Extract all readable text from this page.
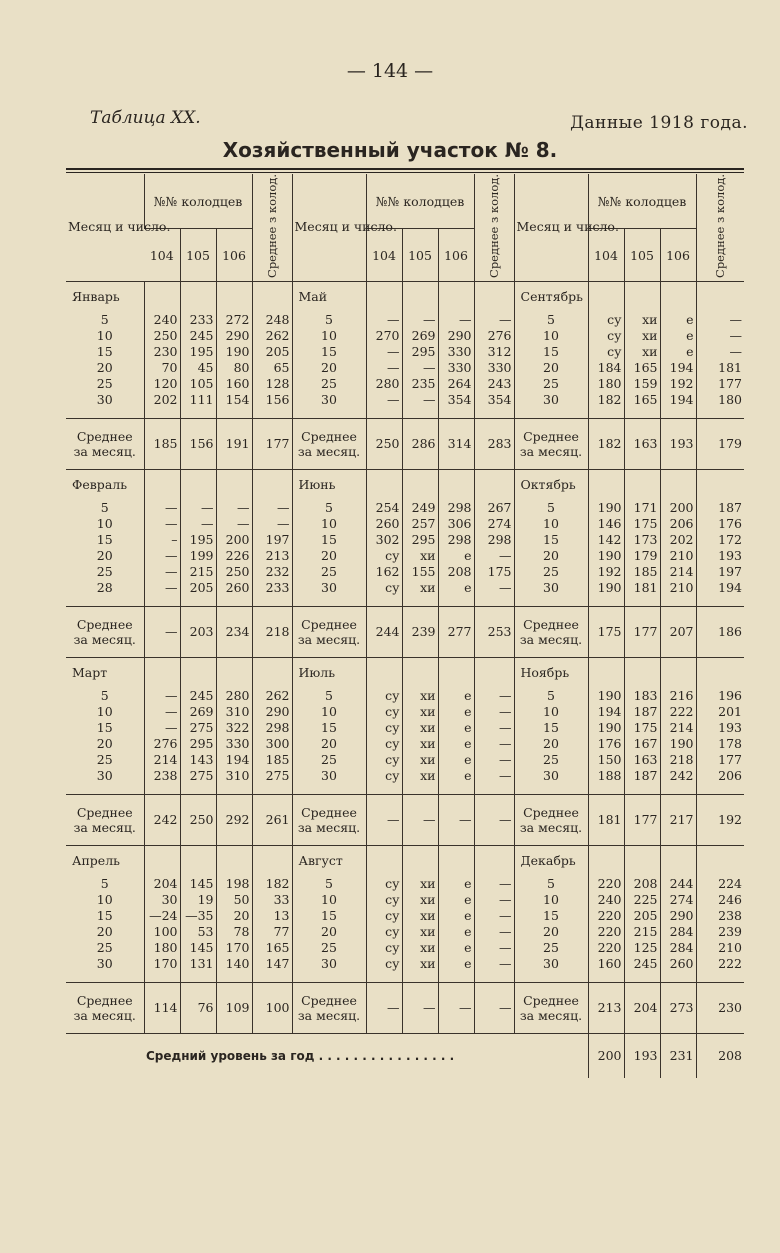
— 144 —
Таблица XX.	Данные 1918 года.
Хозяйственный участок № 8.
Месяц и число.	№№ колодцев			Среднее з колод.	Месяц и число.	№№ колодцев			Среднее з колод.	Месяц и число.	№№ колодцев			Среднее з колод.
	104	105	106			104	105	106			104	105	106	
Январь					Май					Сентябрь				
5	240	233	272	248	5	—	—	—	—	5	су	хи	е	—
10	250	245	290	262	10	270	269	290	276	10	су	хи	е	—
15	230	195	190	205	15	—	295	330	312	15	су	хи	е	—
20	70	45	80	65	20	—	—	330	330	20	184	165	194	181
25	120	105	160	128	25	280	235	264	243	25	180	159	192	177
30	202	111	154	156	30	—	—	354	354	30	182	165	194	180

Среднее за месяц.	185	156	191	177	Среднее за месяц.	250	286	314	283	Среднее за месяц.	182	163	193	179
Февраль					Июнь					Октябрь				
5	—	—	—	—	5	254	249	298	267	5	190	171	200	187
10	—	—	—	—	10	260	257	306	274	10	146	175	206	176
15	–	195	200	197	15	302	295	298	298	15	142	173	202	172
20	—	199	226	213	20	су	хи	е	—	20	190	179	210	193
25	—	215	250	232	25	162	155	208	175	25	192	185	214	197
28	—	205	260	233	30	су	хи	е	—	30	190	181	210	194

Среднее за месяц.	—	203	234	218	Среднее за месяц.	244	239	277	253	Среднее за месяц.	175	177	207	186
Март					Июль					Ноябрь				
5	—	245	280	262	5	су	хи	е	—	5	190	183	216	196
10	—	269	310	290	10	су	хи	е	—	10	194	187	222	201
15	—	275	322	298	15	су	хи	е	—	15	190	175	214	193
20	276	295	330	300	20	су	хи	е	—	20	176	167	190	178
25	214	143	194	185	25	су	хи	е	—	25	150	163	218	177
30	238	275	310	275	30	су	хи	е	—	30	188	187	242	206

Среднее за месяц.	242	250	292	261	Среднее за месяц.	—	—	—	—	Среднее за месяц.	181	177	217	192
Апрель					Август					Декабрь				
5	204	145	198	182	5	су	хи	е	—	5	220	208	244	224
10	30	19	50	33	10	су	хи	е	—	10	240	225	274	246
15	—24	—35	20	13	15	су	хи	е	—	15	220	205	290	238
20	100	53	78	77	20	су	хи	е	—	20	220	215	284	239
25	180	145	170	165	25	су	хи	е	—	25	220	125	284	210
30	170	131	140	147	30	су	хи	е	—	30	160	245	260	222

Среднее за месяц.	114	76	109	100	Среднее за месяц.	—	—	—	—	Среднее за месяц.	213	204	273	230
Средний уровень за год . . . . . . . . . . . . . . . .											200	193	231	208
